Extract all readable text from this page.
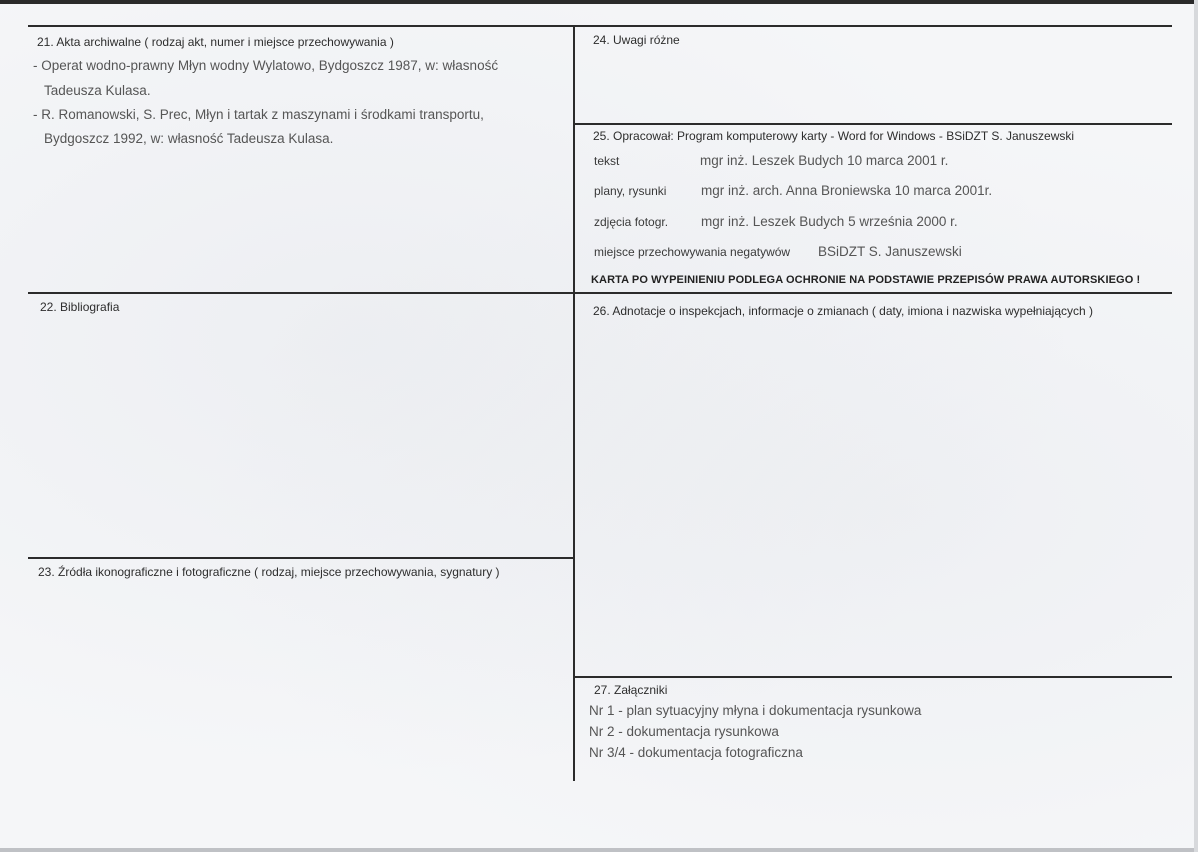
21. Akta archiwalne ( rodzaj akt, numer i miejsce przechowywania )
- Operat wodno-prawny Młyn wodny Wylatowo, Bydgoszcz 1987, w: własność
Tadeusza Kulasa.
- R. Romanowski, S. Prec, Młyn i tartak z maszynami i środkami transportu,
Bydgoszcz 1992, w: własność Tadeusza Kulasa.
22. Bibliografia
23. Źródła ikonograficzne i fotograficzne ( rodzaj, miejsce przechowywania, sygnatury )
24. Uwagi różne
25. Opracował: Program komputerowy karty - Word for Windows - BSiDZT S. Januszewski
tekst	mgr inż. Leszek Budych 10 marca 2001 r.
plany, rysunki	mgr inż. arch. Anna Broniewska 10 marca 2001r.
zdjęcia fotogr. mgr inż. Leszek Budych 5 września 2000 r.
miejsce przechowywania negatywów BSiDZT S. Januszewski
KARTA PO WYPEINIENIU PODLEGA OCHRONIE NA PODSTAWIE PRZEPISÓW PRAWA AUTORSKIEGO !
26. Adnotacje o inspekcjach, informacje o zmianach ( daty, imiona i nazwiska wypełniających )
27. Załączniki
Nr 1 - plan sytuacyjny młyna i dokumentacja rysunkowa
Nr 2 - dokumentacja rysunkowa
Nr 3/4 - dokumentacja fotograficzna
